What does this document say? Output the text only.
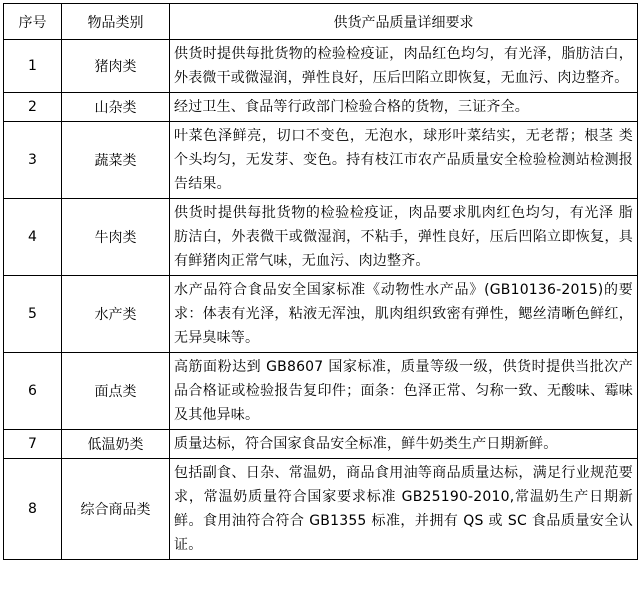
序号	物品类别	供货产品质量详细要求
1	猪肉类	供货时提供每批货物的检验检疫证，肉品红色均匀，有光泽，脂肪洁白，外表微干或微湿润，弹性良好，压后凹陷立即恢复，无血污、肉边整齐。
2	山杂类	经过卫生、食品等行政部门检验合格的货物，三证齐全。
3	蔬菜类	叶菜色泽鲜亮，切口不变色，无泡水，球形叶菜结实，无老帮；根茎 类个头均匀，无发芽、变色。持有枝江市农产品质量安全检验检测站检测报告结果。
4	牛肉类	供货时提供每批货物的检验检疫证，肉品要求肌肉红色均匀，有光泽 脂肪洁白，外表微干或微湿润，不粘手，弹性良好，压后凹陷立即恢复，具有鲜猪肉正常气味，无血污、肉边整齐。
5	水产类	水产品符合食品安全国家标准《动物性水产品》(GB10136-2015)的要求：体表有光泽，粘液无浑浊，肌肉组织致密有弹性，鳃丝清晰色鲜红，无异臭味等。
6	面点类	高筋面粉达到 GB8607 国家标准，质量等级一级，供货时提供当批次产品合格证或检验报告复印件；面条：色泽正常、匀称一致、无酸味、霉味及其他异味。
7	低温奶类	质量达标，符合国家食品安全标准，鲜牛奶类生产日期新鲜。
8	综合商品类	包括副食、日杂、常温奶，商品食用油等商品质量达标，满足行业规范要求，常温奶质量符合国家要求标准 GB25190-2010,常温奶生产日期新鲜。食用油符合符合 GB1355 标准，并拥有 QS 或 SC 食品质量安全认证。
